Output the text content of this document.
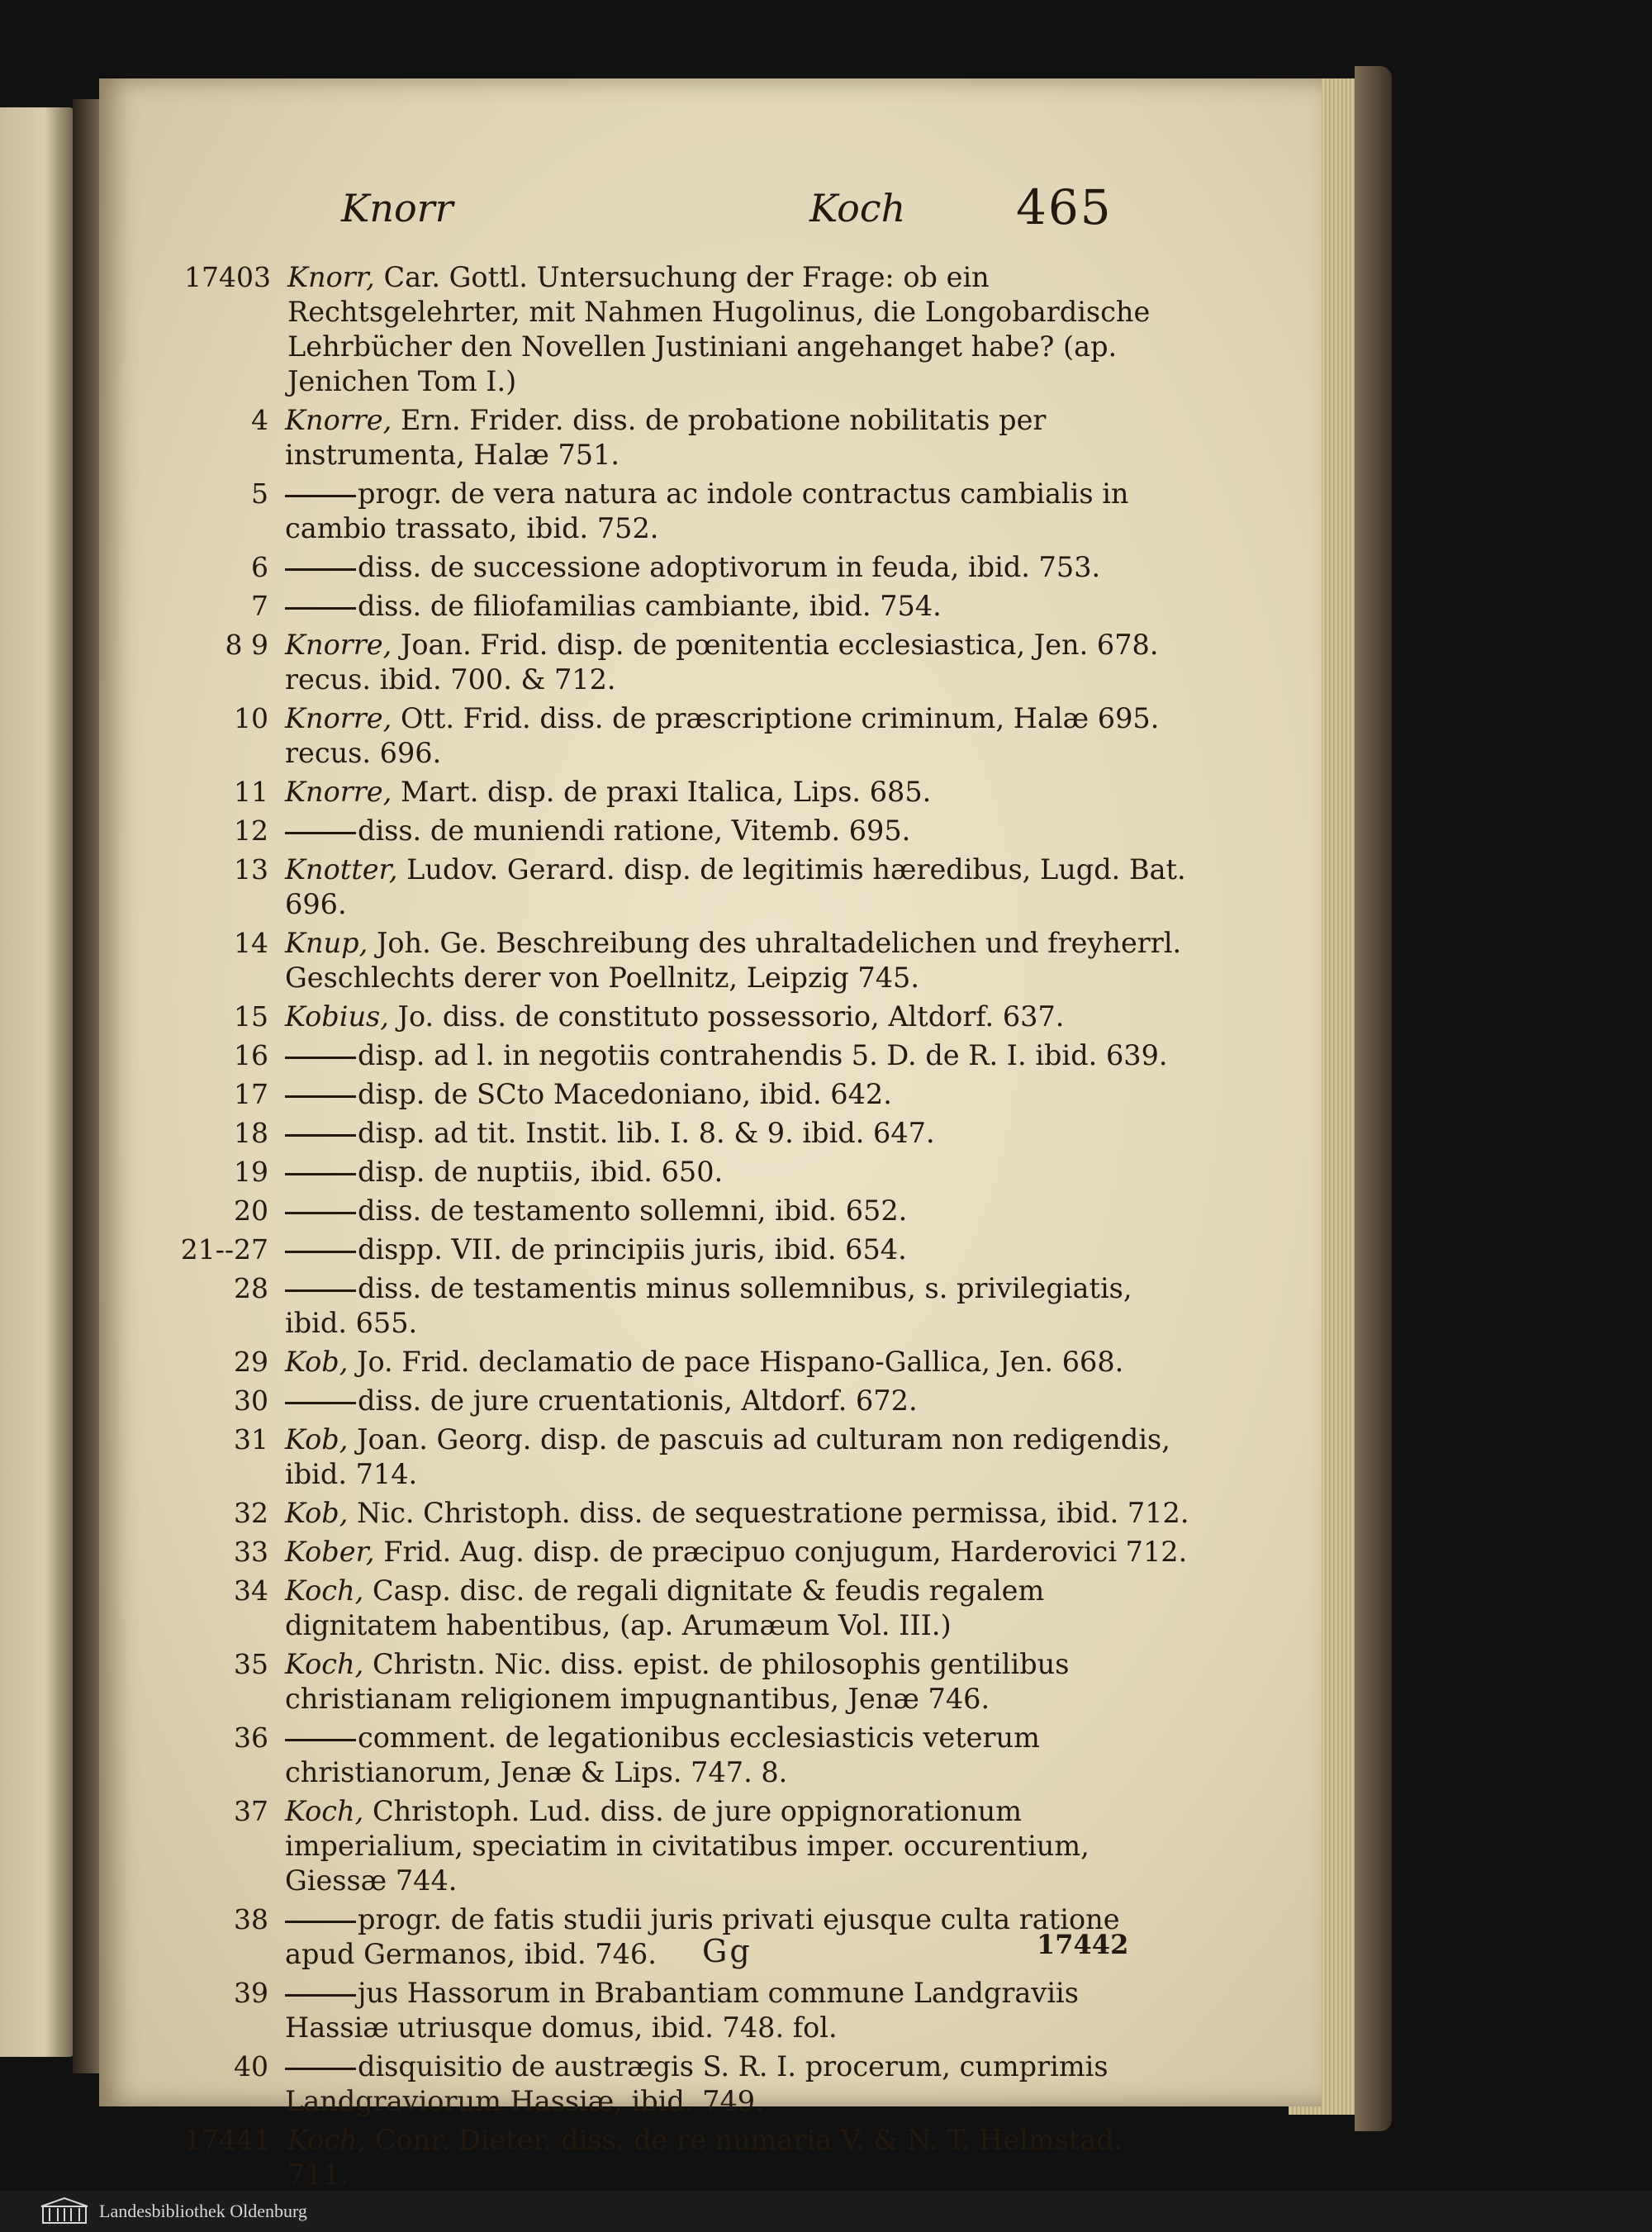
Knorr	Koch 465
17403 Knorr, Car. Gottl. Untersuchung der Frage: ob ein Rechtsgelehrter, mit Nahmen Hugolinus, die Longobardische Lehrbücher den Novellen Justiniani angehanget habe? (ap. Jenichen Tom I.)
4 Knorre, Ern. Frider. diss. de probatione nobilitatis per instrumenta, Halæ 751.
5	progr. de vera natura ac indole contractus cambialis in cambio trassato, ibid. 752.
6	diss. de successione adoptivorum in feuda, ibid. 753.
7	diss. de filiofamilias cambiante, ibid. 754.
8 9 Knorre, Joan. Frid. disp. de pœnitentia ecclesiastica, Jen. 678. recus. ibid. 700. & 712.
10 Knorre, Ott. Frid. diss. de præscriptione criminum, Halæ 695. recus. 696.
11 Knorre, Mart. disp. de praxi Italica, Lips. 685.
12	diss. de muniendi ratione, Vitemb. 695.
13 Knotter, Ludov. Gerard. disp. de legitimis hæredibus, Lugd. Bat. 696.
14 Knup, Joh. Ge. Beschreibung des uhraltadelichen und freyherrl. Geschlechts derer von Poellnitz, Leipzig 745.
15 Kobius, Jo. diss. de constituto possessorio, Altdorf. 637.
16	disp. ad l. in negotiis contrahendis 5. D. de R. I. ibid. 639.
17	disp. de SCto Macedoniano, ibid. 642.
18	disp. ad tit. Instit. lib. I. 8. & 9. ibid. 647.
19	disp. de nuptiis, ibid. 650.
20	diss. de testamento sollemni, ibid. 652.
21--27	dispp. VII. de principiis juris, ibid. 654.
28	diss. de testamentis minus sollemnibus, s. privilegiatis, ibid. 655.
29 Kob, Jo. Frid. declamatio de pace Hispano-Gallica, Jen. 668.
30	diss. de jure cruentationis, Altdorf. 672.
31 Kob, Joan. Georg. disp. de pascuis ad culturam non redigendis, ibid. 714.
32 Kob, Nic. Christoph. diss. de sequestratione permissa, ibid. 712.
33 Kober, Frid. Aug. disp. de præcipuo conjugum, Harderovici 712.
34 Koch, Casp. disc. de regali dignitate & feudis regalem dignitatem habentibus, (ap. Arumæum Vol. III.)
35 Koch, Christn. Nic. diss. epist. de philosophis gentilibus christianam religionem impugnantibus, Jenæ 746.
36	comment. de legationibus ecclesiasticis veterum christianorum, Jenæ & Lips. 747. 8.
37 Koch, Christoph. Lud. diss. de jure oppignorationum imperialium, speciatim in civitatibus imper. occurentium, Giessæ 744.
38	progr. de fatis studii juris privati ejusque culta ratione apud Germanos, ibid. 746.
39	jus Hassorum in Brabantiam commune Landgraviis Hassiæ utriusque domus, ibid. 748. fol.
40	disquisitio de austrægis S. R. I. procerum, cumprimis Landgraviorum Hassiæ, ibid. 749.
17441 Koch, Conr. Dieter. diss. de re numaria V. & N. T. Helmstad. 711.
Gg	17442
Landesbibliothek Oldenburg
